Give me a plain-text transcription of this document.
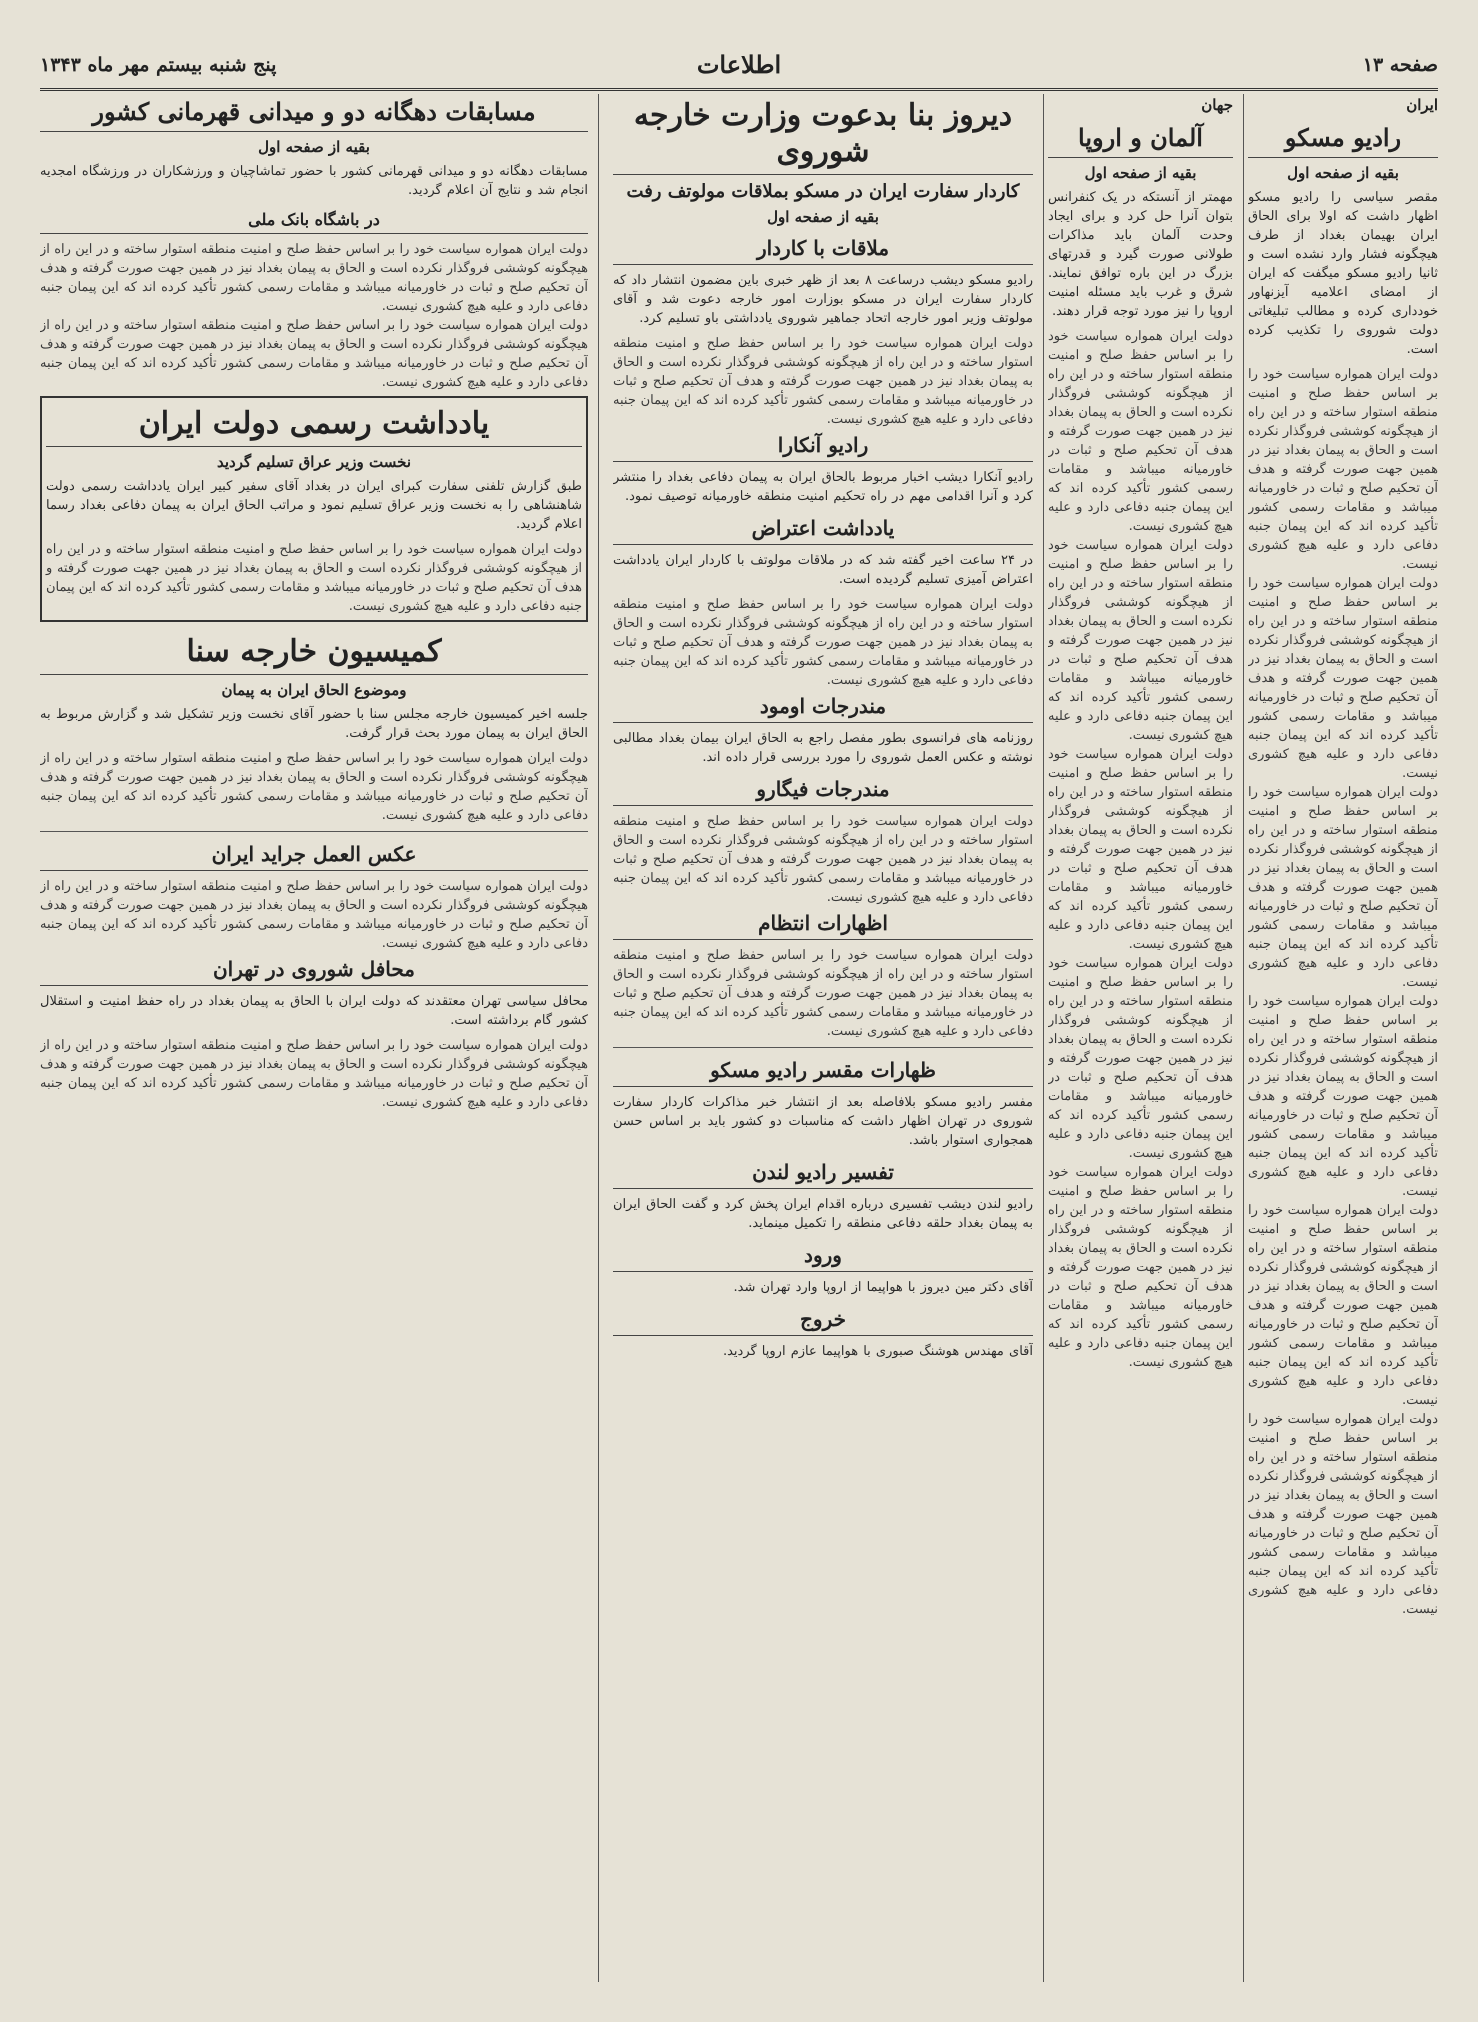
پنج شنبه بیستم مهر ماه ۱۳۴۳	اطلاعات	صفحه ۱۳
ایران
رادیو مسکو
بقیه از صفحه اول

مقصر سیاسی را رادیو مسکو اظهار داشت که اولا برای الحاق ایران بهیمان بغداد از طرف هیچگونه فشار وارد نشده است و ثانیا رادیو مسکو میگفت که ایران از امضای اعلامیه آیزنهاور خودداری کرده و مطالب تبلیغاتی دولت شوروی را تکذیب کرده است.

دولت ایران همواره سیاست خود را بر اساس حفظ صلح و امنیت منطقه استوار ساخته و در این راه از هیچگونه کوششی فروگذار نکرده است و الحاق به پیمان بغداد نیز در همین جهت صورت گرفته و هدف آن تحکیم صلح و ثبات در خاورمیانه میباشد و مقامات رسمی کشور تأکید کرده اند که این پیمان جنبه دفاعی دارد و علیه هیچ کشوری نیست.

دولت ایران همواره سیاست خود را بر اساس حفظ صلح و امنیت منطقه استوار ساخته و در این راه از هیچگونه کوششی فروگذار نکرده است و الحاق به پیمان بغداد نیز در همین جهت صورت گرفته و هدف آن تحکیم صلح و ثبات در خاورمیانه میباشد و مقامات رسمی کشور تأکید کرده اند که این پیمان جنبه دفاعی دارد و علیه هیچ کشوری نیست.

دولت ایران همواره سیاست خود را بر اساس حفظ صلح و امنیت منطقه استوار ساخته و در این راه از هیچگونه کوششی فروگذار نکرده است و الحاق به پیمان بغداد نیز در همین جهت صورت گرفته و هدف آن تحکیم صلح و ثبات در خاورمیانه میباشد و مقامات رسمی کشور تأکید کرده اند که این پیمان جنبه دفاعی دارد و علیه هیچ کشوری نیست.

دولت ایران همواره سیاست خود را بر اساس حفظ صلح و امنیت منطقه استوار ساخته و در این راه از هیچگونه کوششی فروگذار نکرده است و الحاق به پیمان بغداد نیز در همین جهت صورت گرفته و هدف آن تحکیم صلح و ثبات در خاورمیانه میباشد و مقامات رسمی کشور تأکید کرده اند که این پیمان جنبه دفاعی دارد و علیه هیچ کشوری نیست.

دولت ایران همواره سیاست خود را بر اساس حفظ صلح و امنیت منطقه استوار ساخته و در این راه از هیچگونه کوششی فروگذار نکرده است و الحاق به پیمان بغداد نیز در همین جهت صورت گرفته و هدف آن تحکیم صلح و ثبات در خاورمیانه میباشد و مقامات رسمی کشور تأکید کرده اند که این پیمان جنبه دفاعی دارد و علیه هیچ کشوری نیست.

دولت ایران همواره سیاست خود را بر اساس حفظ صلح و امنیت منطقه استوار ساخته و در این راه از هیچگونه کوششی فروگذار نکرده است و الحاق به پیمان بغداد نیز در همین جهت صورت گرفته و هدف آن تحکیم صلح و ثبات در خاورمیانه میباشد و مقامات رسمی کشور تأکید کرده اند که این پیمان جنبه دفاعی دارد و علیه هیچ کشوری نیست.

جهان
آلمان و اروپا
بقیه از صفحه اول

مهمتر از آنستکه در یک کنفرانس بتوان آنرا حل کرد و برای ایجاد وحدت آلمان باید مذاکرات طولانی صورت گیرد و قدرتهای بزرگ در این باره توافق نمایند. شرق و غرب باید مسئله امنیت اروپا را نیز مورد توجه قرار دهند.

دولت ایران همواره سیاست خود را بر اساس حفظ صلح و امنیت منطقه استوار ساخته و در این راه از هیچگونه کوششی فروگذار نکرده است و الحاق به پیمان بغداد نیز در همین جهت صورت گرفته و هدف آن تحکیم صلح و ثبات در خاورمیانه میباشد و مقامات رسمی کشور تأکید کرده اند که این پیمان جنبه دفاعی دارد و علیه هیچ کشوری نیست.

دولت ایران همواره سیاست خود را بر اساس حفظ صلح و امنیت منطقه استوار ساخته و در این راه از هیچگونه کوششی فروگذار نکرده است و الحاق به پیمان بغداد نیز در همین جهت صورت گرفته و هدف آن تحکیم صلح و ثبات در خاورمیانه میباشد و مقامات رسمی کشور تأکید کرده اند که این پیمان جنبه دفاعی دارد و علیه هیچ کشوری نیست.

دولت ایران همواره سیاست خود را بر اساس حفظ صلح و امنیت منطقه استوار ساخته و در این راه از هیچگونه کوششی فروگذار نکرده است و الحاق به پیمان بغداد نیز در همین جهت صورت گرفته و هدف آن تحکیم صلح و ثبات در خاورمیانه میباشد و مقامات رسمی کشور تأکید کرده اند که این پیمان جنبه دفاعی دارد و علیه هیچ کشوری نیست.

دولت ایران همواره سیاست خود را بر اساس حفظ صلح و امنیت منطقه استوار ساخته و در این راه از هیچگونه کوششی فروگذار نکرده است و الحاق به پیمان بغداد نیز در همین جهت صورت گرفته و هدف آن تحکیم صلح و ثبات در خاورمیانه میباشد و مقامات رسمی کشور تأکید کرده اند که این پیمان جنبه دفاعی دارد و علیه هیچ کشوری نیست.

دولت ایران همواره سیاست خود را بر اساس حفظ صلح و امنیت منطقه استوار ساخته و در این راه از هیچگونه کوششی فروگذار نکرده است و الحاق به پیمان بغداد نیز در همین جهت صورت گرفته و هدف آن تحکیم صلح و ثبات در خاورمیانه میباشد و مقامات رسمی کشور تأکید کرده اند که این پیمان جنبه دفاعی دارد و علیه هیچ کشوری نیست.

دیروز بنا بدعوت وزارت خارجه شوروی
کاردار سفارت ایران در مسکو بملاقات مولوتف رفت
بقیه از صفحه اول
ملاقات با کاردار

رادیو مسکو دیشب درساعت ۸ بعد از ظهر خبری باین مضمون انتشار داد که کاردار سفارت ایران در مسکو بوزارت امور خارجه دعوت شد و آقای مولوتف وزیر امور خارجه اتحاد جماهیر شوروی یادداشتی باو تسلیم کرد.

دولت ایران همواره سیاست خود را بر اساس حفظ صلح و امنیت منطقه استوار ساخته و در این راه از هیچگونه کوششی فروگذار نکرده است و الحاق به پیمان بغداد نیز در همین جهت صورت گرفته و هدف آن تحکیم صلح و ثبات در خاورمیانه میباشد و مقامات رسمی کشور تأکید کرده اند که این پیمان جنبه دفاعی دارد و علیه هیچ کشوری نیست.

رادیو آنکارا

رادیو آنکارا دیشب اخبار مربوط بالحاق ایران به پیمان دفاعی بغداد را منتشر کرد و آنرا اقدامی مهم در راه تحکیم امنیت منطقه خاورمیانه توصیف نمود.

یادداشت اعتراض

در ۲۴ ساعت اخیر گفته شد که در ملاقات مولوتف با کاردار ایران یادداشت اعتراض آمیزی تسلیم گردیده است.

دولت ایران همواره سیاست خود را بر اساس حفظ صلح و امنیت منطقه استوار ساخته و در این راه از هیچگونه کوششی فروگذار نکرده است و الحاق به پیمان بغداد نیز در همین جهت صورت گرفته و هدف آن تحکیم صلح و ثبات در خاورمیانه میباشد و مقامات رسمی کشور تأکید کرده اند که این پیمان جنبه دفاعی دارد و علیه هیچ کشوری نیست.

مندرجات اومود

روزنامه های فرانسوی بطور مفصل راجع به الحاق ایران بیمان بغداد مطالبی نوشته و عکس العمل شوروی را مورد بررسی قرار داده اند.

مندرجات فیگارو

دولت ایران همواره سیاست خود را بر اساس حفظ صلح و امنیت منطقه استوار ساخته و در این راه از هیچگونه کوششی فروگذار نکرده است و الحاق به پیمان بغداد نیز در همین جهت صورت گرفته و هدف آن تحکیم صلح و ثبات در خاورمیانه میباشد و مقامات رسمی کشور تأکید کرده اند که این پیمان جنبه دفاعی دارد و علیه هیچ کشوری نیست.

اظهارات انتظام

دولت ایران همواره سیاست خود را بر اساس حفظ صلح و امنیت منطقه استوار ساخته و در این راه از هیچگونه کوششی فروگذار نکرده است و الحاق به پیمان بغداد نیز در همین جهت صورت گرفته و هدف آن تحکیم صلح و ثبات در خاورمیانه میباشد و مقامات رسمی کشور تأکید کرده اند که این پیمان جنبه دفاعی دارد و علیه هیچ کشوری نیست.

ظهارات مقسر رادیو مسکو

مفسر رادیو مسکو بلافاصله بعد از انتشار خبر مذاکرات کاردار سفارت شوروی در تهران اظهار داشت که مناسبات دو کشور باید بر اساس حسن همجواری استوار باشد.

تفسیر رادیو لندن

رادیو لندن دیشب تفسیری درباره اقدام ایران پخش کرد و گفت الحاق ایران به پیمان بغداد حلقه دفاعی منطقه را تکمیل مینماید.

ورود

آقای دکتر مین دیروز با هواپیما از اروپا وارد تهران شد.

خروج

آقای مهندس هوشنگ صبوری با هواپیما عازم اروپا گردید.

مسابقات دهگانه دو و میدانی قهرمانی کشور
بقیه از صفحه اول

مسابقات دهگانه دو و میدانی قهرمانی کشور با حضور تماشاچیان و ورزشکاران در ورزشگاه امجدیه انجام شد و نتایج آن اعلام گردید.

در باشگاه بانک ملی

دولت ایران همواره سیاست خود را بر اساس حفظ صلح و امنیت منطقه استوار ساخته و در این راه از هیچگونه کوششی فروگذار نکرده است و الحاق به پیمان بغداد نیز در همین جهت صورت گرفته و هدف آن تحکیم صلح و ثبات در خاورمیانه میباشد و مقامات رسمی کشور تأکید کرده اند که این پیمان جنبه دفاعی دارد و علیه هیچ کشوری نیست.

دولت ایران همواره سیاست خود را بر اساس حفظ صلح و امنیت منطقه استوار ساخته و در این راه از هیچگونه کوششی فروگذار نکرده است و الحاق به پیمان بغداد نیز در همین جهت صورت گرفته و هدف آن تحکیم صلح و ثبات در خاورمیانه میباشد و مقامات رسمی کشور تأکید کرده اند که این پیمان جنبه دفاعی دارد و علیه هیچ کشوری نیست.

یادداشت رسمی دولت ایران
نخست وزیر عراق تسلیم گردید

طبق گزارش تلفنی سفارت کبرای ایران در بغداد آقای سفیر کبیر ایران یادداشت رسمی دولت شاهنشاهی را به نخست وزیر عراق تسلیم نمود و مراتب الحاق ایران به پیمان دفاعی بغداد رسما اعلام گردید.

دولت ایران همواره سیاست خود را بر اساس حفظ صلح و امنیت منطقه استوار ساخته و در این راه از هیچگونه کوششی فروگذار نکرده است و الحاق به پیمان بغداد نیز در همین جهت صورت گرفته و هدف آن تحکیم صلح و ثبات در خاورمیانه میباشد و مقامات رسمی کشور تأکید کرده اند که این پیمان جنبه دفاعی دارد و علیه هیچ کشوری نیست.

کمیسیون خارجه سنا
وموضوع الحاق ایران به پیمان

جلسه اخیر کمیسیون خارجه مجلس سنا با حضور آقای نخست وزیر تشکیل شد و گزارش مربوط به الحاق ایران به پیمان مورد بحث قرار گرفت.

دولت ایران همواره سیاست خود را بر اساس حفظ صلح و امنیت منطقه استوار ساخته و در این راه از هیچگونه کوششی فروگذار نکرده است و الحاق به پیمان بغداد نیز در همین جهت صورت گرفته و هدف آن تحکیم صلح و ثبات در خاورمیانه میباشد و مقامات رسمی کشور تأکید کرده اند که این پیمان جنبه دفاعی دارد و علیه هیچ کشوری نیست.

عکس العمل جراید ایران

دولت ایران همواره سیاست خود را بر اساس حفظ صلح و امنیت منطقه استوار ساخته و در این راه از هیچگونه کوششی فروگذار نکرده است و الحاق به پیمان بغداد نیز در همین جهت صورت گرفته و هدف آن تحکیم صلح و ثبات در خاورمیانه میباشد و مقامات رسمی کشور تأکید کرده اند که این پیمان جنبه دفاعی دارد و علیه هیچ کشوری نیست.

محافل شوروی در تهران

محافل سیاسی تهران معتقدند که دولت ایران با الحاق به پیمان بغداد در راه حفظ امنیت و استقلال کشور گام برداشته است.

دولت ایران همواره سیاست خود را بر اساس حفظ صلح و امنیت منطقه استوار ساخته و در این راه از هیچگونه کوششی فروگذار نکرده است و الحاق به پیمان بغداد نیز در همین جهت صورت گرفته و هدف آن تحکیم صلح و ثبات در خاورمیانه میباشد و مقامات رسمی کشور تأکید کرده اند که این پیمان جنبه دفاعی دارد و علیه هیچ کشوری نیست.
